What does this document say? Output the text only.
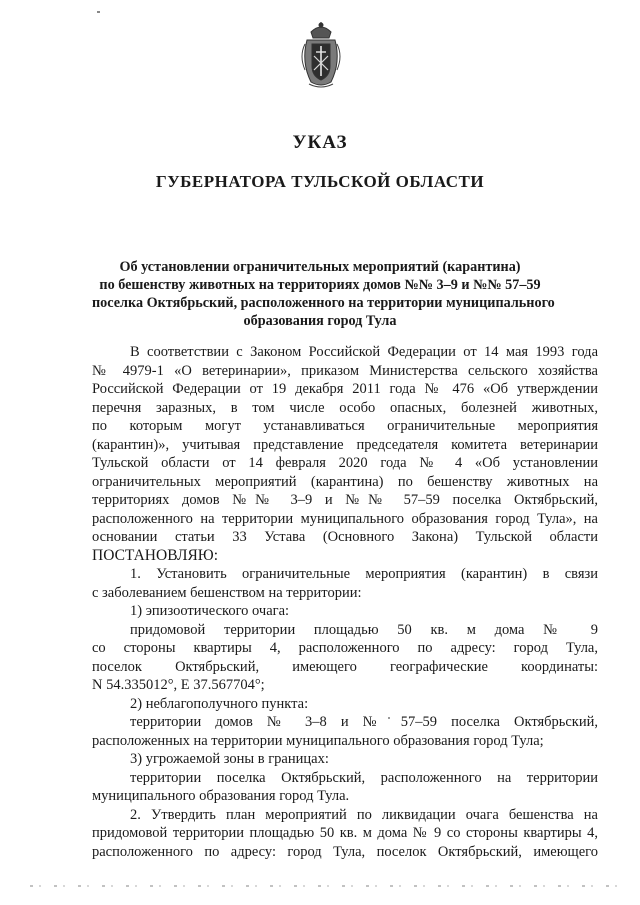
УКАЗ
ГУБЕРНАТОРА ТУЛЬСКОЙ ОБЛАСТИ
Об установлении ограничительных мероприятий (карантина)
по бешенству животных на территориях домов №№ 3–9 и №№ 57–59
поселка Октябрьский, расположенного на территории муниципального
образования город Тула
В соответствии с Законом Российской Федерации от 14 мая 1993 года
№ 4979-1 «О ветеринарии», приказом Министерства сельского хозяйства
Российской Федерации от 19 декабря 2011 года № 476 «Об утверждении
перечня заразных, в том числе особо опасных, болезней животных,
по которым могут устанавливаться ограничительные мероприятия
(карантин)», учитывая представление председателя комитета ветеринарии
Тульской области от 14 февраля 2020 года № 4 «Об установлении
ограничительных мероприятий (карантина) по бешенству животных на
территориях домов №№ 3–9 и №№ 57–59 поселка Октябрьский,
расположенного на территории муниципального образования город Тула», на
основании статьи 33 Устава (Основного Закона) Тульской области
ПОСТАНОВЛЯЮ:
1. Установить ограничительные мероприятия (карантин) в связи
с заболеванием бешенством на территории:
1) эпизоотического очага:
придомовой территории площадью 50 кв. м дома № 9
со стороны квартиры 4, расположенного по адресу: город Тула,
поселок Октябрьский, имеющего географические координаты:
N 54.335012°, E 37.567704°;
2) неблагополучного пункта:
территории домов № 3–8 и № 57–59 поселка Октябрьский,
расположенных на территории муниципального образования город Тула;
3) угрожаемой зоны в границах:
территории поселка Октябрьский, расположенного на территории
муниципального образования город Тула.
2. Утвердить план мероприятий по ликвидации очага бешенства на
придомовой территории площадью 50 кв. м дома № 9 со стороны квартиры 4,
расположенного по адресу: город Тула, поселок Октябрьский, имеющего
